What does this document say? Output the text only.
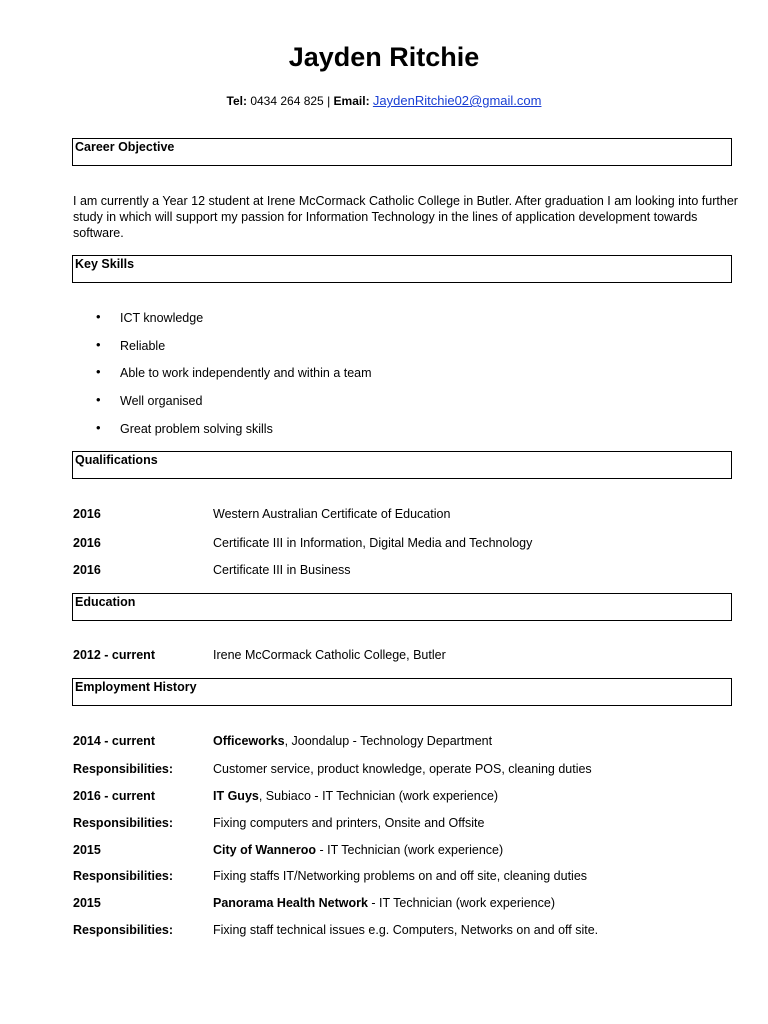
Jayden Ritchie
Tel: 0434 264 825 | Email: JaydenRitchie02@gmail.com
Career Objective
I am currently a Year 12 student at Irene McCormack Catholic College in Butler. After graduation I am looking into further study in which will support my passion for Information Technology in the lines of application development towards software.
Key Skills
• ICT knowledge
• Reliable
• Able to work independently and within a team
• Well organised
• Great problem solving skills
Qualifications
2016	Western Australian Certificate of Education
2016	Certificate III in Information, Digital Media and Technology
2016	Certificate III in Business
Education
2012 - current	Irene McCormack Catholic College, Butler
Employment History
2014 - current	Officeworks, Joondalup - Technology Department
Responsibilities:	Customer service, product knowledge, operate POS, cleaning duties
2016 - current	IT Guys, Subiaco - IT Technician (work experience)
Responsibilities:	Fixing computers and printers, Onsite and Offsite
2015	City of Wanneroo - IT Technician (work experience)
Responsibilities:	Fixing staffs IT/Networking problems on and off site, cleaning duties
2015	Panorama Health Network - IT Technician (work experience)
Responsibilities:	Fixing staff technical issues e.g. Computers, Networks on and off site.
